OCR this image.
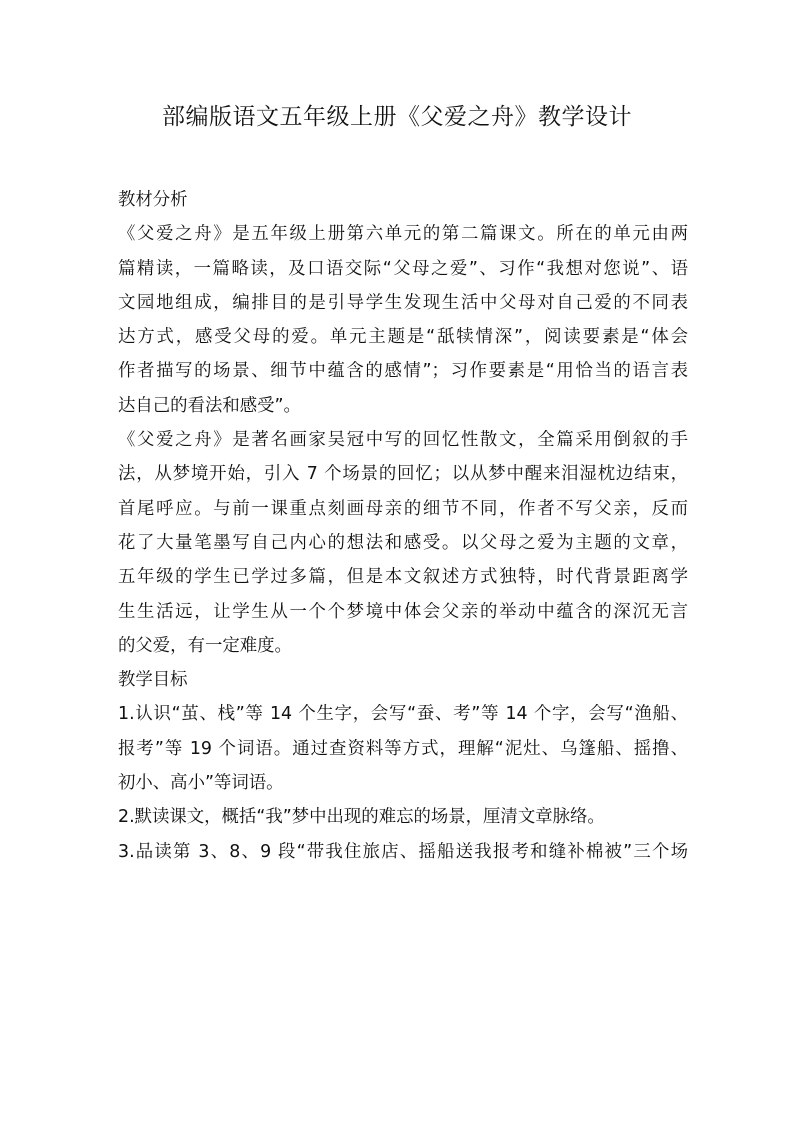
部编版语文五年级上册《父爱之舟》教学设计
教材分析
《父爱之舟》是五年级上册第六单元的第二篇课文。所在的单元由两
篇精读，一篇略读，及口语交际“父母之爱”、习作“我想对您说”、语
文园地组成，编排目的是引导学生发现生活中父母对自己爱的不同表
达方式，感受父母的爱。单元主题是“舐犊情深”，阅读要素是“体会
作者描写的场景、细节中蕴含的感情”；习作要素是“用恰当的语言表
达自己的看法和感受”。
《父爱之舟》是著名画家吴冠中写的回忆性散文，全篇采用倒叙的手
法，从梦境开始，引入 7 个场景的回忆；以从梦中醒来泪湿枕边结束，
首尾呼应。与前一课重点刻画母亲的细节不同，作者不写父亲，反而
花了大量笔墨写自己内心的想法和感受。以父母之爱为主题的文章，
五年级的学生已学过多篇，但是本文叙述方式独特，时代背景距离学
生生活远，让学生从一个个梦境中体会父亲的举动中蕴含的深沉无言
的父爱，有一定难度。
教学目标
1.认识“茧、栈”等 14 个生字，会写“蚕、考”等 14 个字，会写“渔船、
报考”等 19 个词语。通过查资料等方式，理解“泥灶、乌篷船、摇撸、
初小、高小”等词语。
2.默读课文，概括“我”梦中出现的难忘的场景，厘清文章脉络。
3.品读第 3、8、9 段“带我住旅店、摇船送我报考和缝补棉被”三个场
